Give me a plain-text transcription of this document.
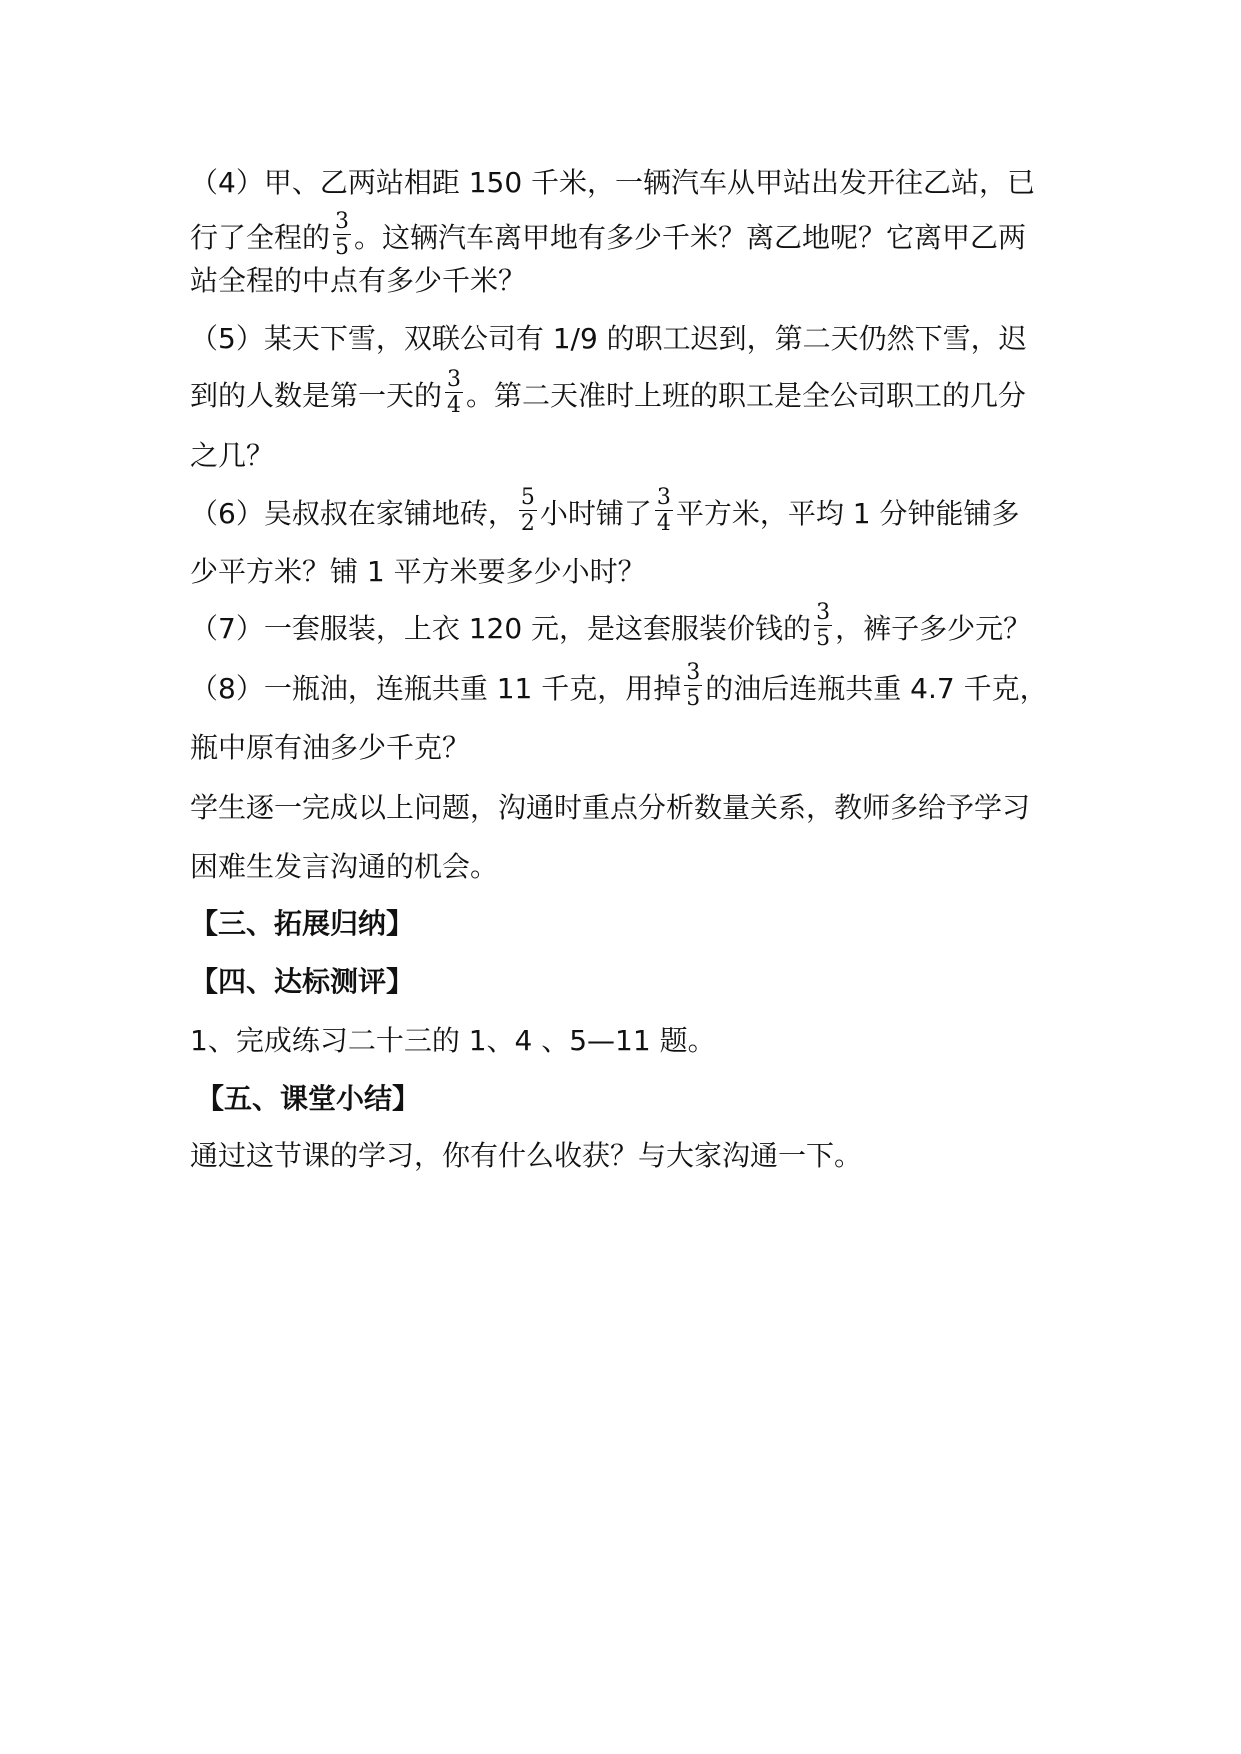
（4）甲、乙两站相距 150 千米，一辆汽车从甲站出发开往乙站，已
行了全程的 $\frac{3}{5}$ 。这辆汽车离甲地有多少千米？离乙地呢？它离甲乙两
站全程的中点有多少千米？
（5）某天下雪，双联公司有 1/9 的职工迟到，第二天仍然下雪，迟
到的人数是第一天的 $\frac{3}{4}$ 。第二天准时上班的职工是全公司职工的几分
之几？
（6）吴叔叔在家铺地砖， $\frac{5}{2}$ 小时铺了 $\frac{3}{4}$ 平方米，平均 1 分钟能铺多
少平方米？铺 1 平方米要多少小时？
（7）一套服装，上衣 120 元，是这套服装价钱的 $\frac{3}{5}$ ，裤子多少元？
（8）一瓶油，连瓶共重 11 千克，用掉 $\frac{3}{5}$ 的油后连瓶共重 4.7 千克，
瓶中原有油多少千克？
学生逐一完成以上问题，沟通时重点分析数量关系，教师多给予学习
困难生发言沟通的机会。
【三、拓展归纳】
【四、达标测评】
1、完成练习二十三的 1、4 、5—11 题。
【五、课堂小结】
通过这节课的学习，你有什么收获？与大家沟通一下。
